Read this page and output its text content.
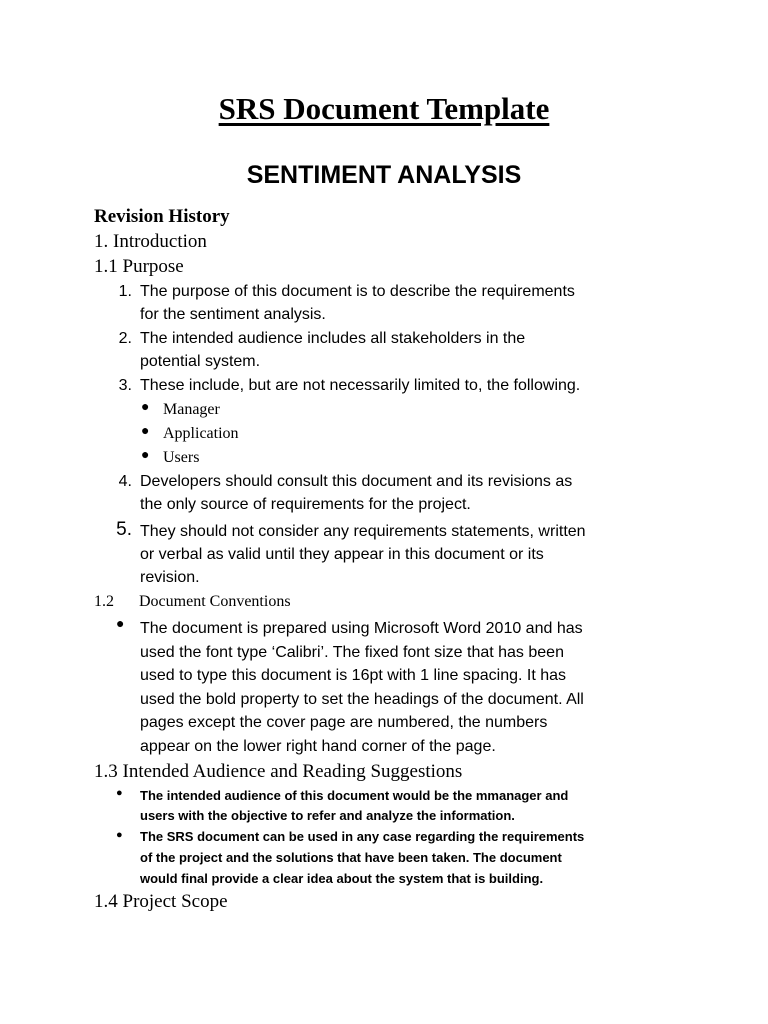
SRS Document Template
SENTIMENT ANALYSIS
Revision History
1. Introduction
1.1 Purpose
1. The purpose of this document is to describe the requirements
for the sentiment analysis.
2. The intended audience includes all stakeholders in the
potential system.
3. These include, but are not necessarily limited to, the following.
● Manager
● Application
● Users
4. Developers should consult this document and its revisions as
the only source of requirements for the project.
5. They should not consider any requirements statements, written
or verbal as valid until they appear in this document or its
revision.
1.2 Document Conventions
● The document is prepared using Microsoft Word 2010 and has
used the font type ‘Calibri’. The fixed font size that has been
used to type this document is 16pt with 1 line spacing. It has
used the bold property to set the headings of the document. All
pages except the cover page are numbered, the numbers
appear on the lower right hand corner of the page.
1.3 Intended Audience and Reading Suggestions
● The intended audience of this document would be the mmanager and
users with the objective to refer and analyze the information.
● The SRS document can be used in any case regarding the requirements
of the project and the solutions that have been taken. The document
would final provide a clear idea about the system that is building.
1.4 Project Scope
